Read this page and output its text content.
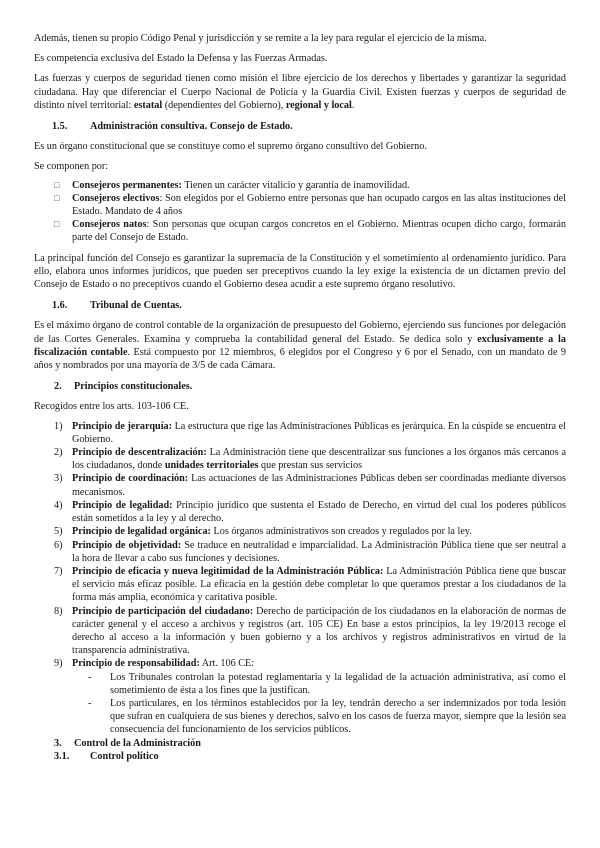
Además, tienen su propio Código Penal y jurisdicción y se remite a la ley para regular el ejercicio de la misma.

Es competencia exclusiva del Estado la Defensa y las Fuerzas Armadas.

Las fuerzas y cuerpos de seguridad tienen como misión el libre ejercicio de los derechos y libertades y garantizar la seguridad ciudadana. Hay que diferenciar el Cuerpo Nacional de Policía y la Guardia Civil. Existen fuerzas y cuerpos de seguridad de distinto nivel territorial: estatal (dependientes del Gobierno), regional y local.

1.5.	Administración consultiva. Consejo de Estado.

Es un órgano constitucional que se constituye como el supremo órgano consultivo del Gobierno.

Se componen por:

□	Consejeros permanentes: Tienen un carácter vitalicio y garantía de inamovilidad.
□	Consejeros electivos: Son elegidos por el Gobierno entre personas que han ocupado cargos en las altas instituciones del Estado. Mandato de 4 años
□	Consejeros natos: Son personas que ocupan cargos concretos en el Gobierno. Mientras ocupen dicho cargo, formarán parte del Consejo de Estado.

La principal función del Consejo es garantizar la supremacía de la Constitución y el sometimiento al ordenamiento jurídico. Para ello, elabora unos informes jurídicos, que pueden ser preceptivos cuando la ley exige la existencia de un dictamen previo del Consejo de Estado o no preceptivos cuando el Gobierno desea acudir a este supremo órgano resolutivo.

1.6.	Tribunal de Cuentas.

Es el máximo órgano de control contable de la organización de presupuesto del Gobierno, ejerciendo sus funciones por delegación de las Cortes Generales. Examina y comprueba la contabilidad general del Estado. Se dedica solo y exclusivamente a la fiscalización contable. Está compuesto por 12 miembros, 6 elegidos por el Congreso y 6 por el Senado, con un mandato de 9 años y nombrados por una mayoría de 3/5 de cada Cámara.

2.	Principios constitucionales.

Recogidos entre los arts. 103-106 CE.

1) Principio de jerarquía: La estructura que rige las Administraciones Públicas es jerárquica. En la cúspide se encuentra el Gobierno.
2) Principio de descentralización: La Administración tiene que descentralizar sus funciones a los órganos más cercanos a los ciudadanos, donde unidades territoriales que prestan sus servicios
3) Principio de coordinación: Las actuaciones de las Administraciones Públicas deben ser coordinadas mediante diversos mecanismos.
4) Principio de legalidad: Principio jurídico que sustenta el Estado de Derecho, en virtud del cual los poderes públicos están sometidos a la ley y al derecho.
5) Principio de legalidad orgánica: Los órganos administrativos son creados y regulados por la ley.
6) Principio de objetividad: Se traduce en neutralidad e imparcialidad. La Administración Pública tiene que ser neutral a la hora de llevar a cabo sus funciones y decisiones.
7) Principio de eficacia y nueva legitimidad de la Administración Pública: La Administración Pública tiene que buscar el servicio más eficaz posible. La eficacia en la gestión debe completar lo que queramos prestar a los ciudadanos de la forma más amplia, económica y caritativa posible.
8) Principio de participación del ciudadano: Derecho de participación de los ciudadanos en la elaboración de normas de carácter general y el acceso a archivos y registros (art. 105 CE) En base a estos principios, la ley 19/2013 recoge el derecho al acceso a la información y buen gobierno y a los archivos y registros administrativos en virtud de la transparencia administrativa.
9) Principio de responsabilidad: Art. 106 CE:
-	Los Tribunales controlan la potestad reglamentaria y la legalidad de la actuación administrativa, así como el sometimiento de ésta a los fines que la justifican.
-	Los particulares, en los términos establecidos por la ley, tendrán derecho a ser indemnizados por toda lesión que sufran en cualquiera de sus bienes y derechos, salvo en los casos de fuerza mayor, siempre que la lesión sea consecuencia del funcionamiento de los servicios públicos.
3.	Control de la Administración
3.1.	Control político
